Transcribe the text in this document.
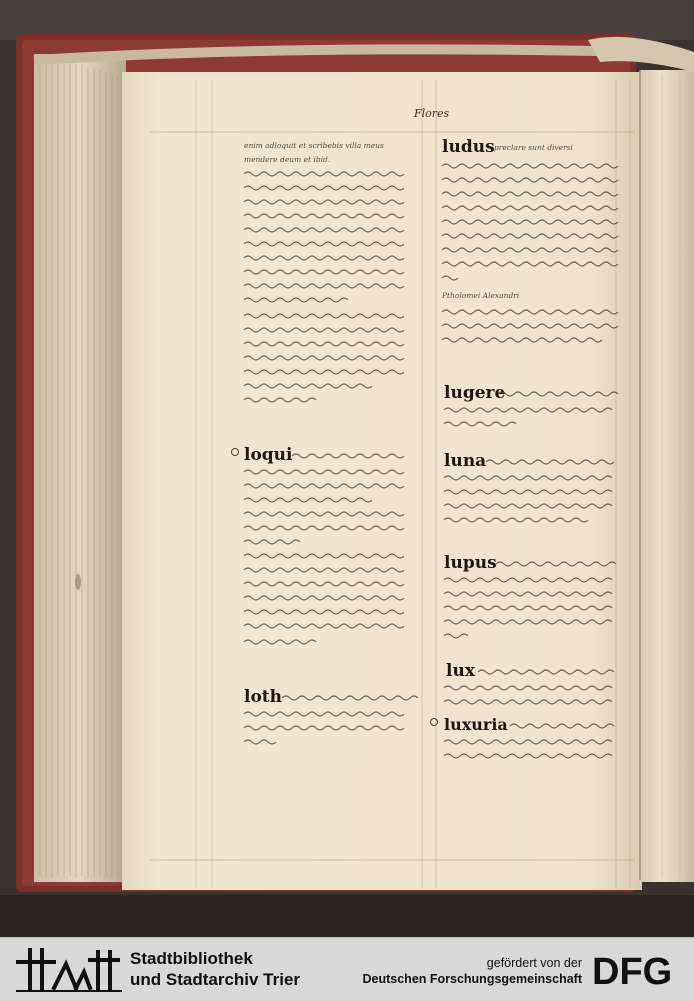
Flores
enim adloquit et scribebis villa meus
mendere deum et ibid.
loqui
loth
ludus preclare sunt diversi
Ptholomei Alexandri
lugere
luna
lupus
lux
luxuria
Stadtbibliothek
und Stadtarchiv Trier
gefördert von der
Deutschen Forschungsgemeinschaft DFG
